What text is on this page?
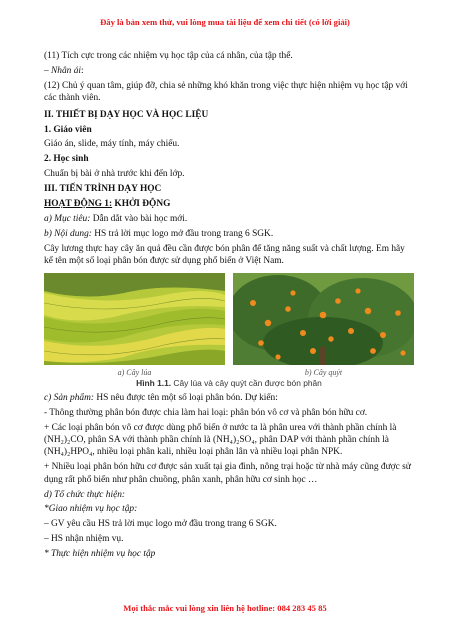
Đây là bản xem thử, vui lòng mua tài liệu để xem chi tiết (có lời giải)

(11) Tích cực trong các nhiệm vụ học tập của cá nhân, của tập thể.

– Nhân ái:

(12) Chủ ý quan tâm, giúp đỡ, chia sẻ những khó khăn trong việc thực hiện nhiệm vụ học tập với các thành viên.

II. THIẾT BỊ DẠY HỌC VÀ HỌC LIỆU

1. Giáo viên

Giáo án, slide, máy tính, máy chiếu.

2. Học sinh

Chuẩn bị bài ở nhà trước khi đến lớp.

III. TIẾN TRÌNH DẠY HỌC

HOẠT ĐỘNG 1: KHỞI ĐỘNG

a) Mục tiêu: Dẫn dắt vào bài học mới.

b) Nội dung: HS trả lời mục logo mở đầu trong trang 6 SGK.

Cây lương thực hay cây ăn quả đều cần được bón phân để tăng năng suất và chất lượng. Em hãy kể tên một số loại phân bón được sử dụng phổ biến ở Việt Nam.

a) Cây lúa	b) Cây quýt

Hình 1.1. Cây lúa và cây quýt cần được bón phân

c) Sản phẩm: HS nêu được tên một số loại phân bón. Dự kiến:

- Thông thường phân bón được chia làm hai loại: phân bón vô cơ và phân bón hữu cơ.

+ Các loại phân bón vô cơ được dùng phổ biến ở nước ta là phân urea với thành phần chính là (NH₂)₂CO, phân SA với thành phần chính là (NH₄)₂SO₄, phân DAP với thành phần chính là (NH₄)₂HPO₄, nhiều loại phân kali, nhiều loại phân lân và nhiều loại phân NPK.

+ Nhiều loại phân bón hữu cơ được sản xuất tại gia đình, nông trại hoặc từ nhà máy cũng được sử dụng rất phổ biến như phân chuồng, phân xanh, phân hữu cơ sinh học …

d) Tổ chức thực hiện:

*Giao nhiệm vụ học tập:

– GV yêu cầu HS trả lời mục logo mở đầu trong trang 6 SGK.

– HS nhận nhiệm vụ.

* Thực hiện nhiệm vụ học tập

Mọi thắc mắc vui lòng xin liên hệ hotline: 084 283 45 85
